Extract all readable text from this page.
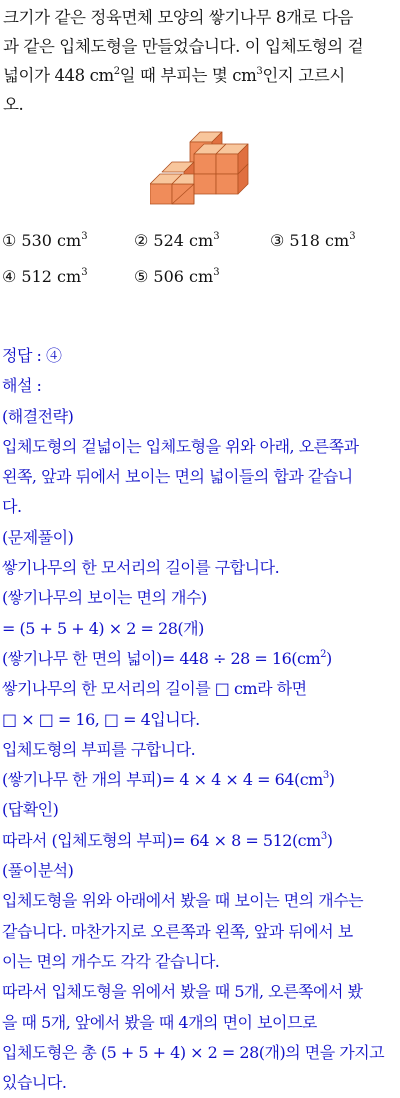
크기가 같은 정육면체 모양의 쌓기나무 8개로 다음

과 같은 입체도형을 만들었습니다. 이 입체도형의 겉

넓이가 448 $cm^2$일 때 부피는 몇 $cm^3$인지 고르시

오.

① 530 $cm^3$	② 524 $cm^3$	③ 518 $cm^3$
④ 512 $cm^3$	⑤ 506 $cm^3$
정답 : ④
해설 :
(해결전략)
입체도형의 겉넓이는 입체도형을 위와 아래, 오른쪽과
왼쪽, 앞과 뒤에서 보이는 면의 넓이들의 합과 같습니
다.
(문제풀이)
쌓기나무의 한 모서리의 길이를 구합니다.
(쌓기나무의 보이는 면의 개수)
= (5 + 5 + 4) × 2 = 28(개)
(쌓기나무 한 면의 넓이)= $448 \div 28 = 16(cm^2)$
쌓기나무의 한 모서리의 길이를 □ cm라 하면
□ × □ = 16, □ = 4입니다.
입체도형의 부피를 구합니다.
(쌓기나무 한 개의 부피)= $4 \times 4 \times 4 = 64(cm^3)$
(답확인)
따라서 (입체도형의 부피)= $64 \times 8 = 512(cm^3)$
(풀이분석)
입체도형을 위와 아래에서 봤을 때 보이는 면의 개수는
같습니다. 마찬가지로 오른쪽과 왼쪽, 앞과 뒤에서 보
이는 면의 개수도 각각 같습니다.
따라서 입체도형을 위에서 봤을 때 5개, 오른쪽에서 봤
을 때 5개, 앞에서 봤을 때 4개의 면이 보이므로
입체도형은 총 (5 + 5 + 4) × 2 = 28(개)의 면을 가지고
있습니다.
